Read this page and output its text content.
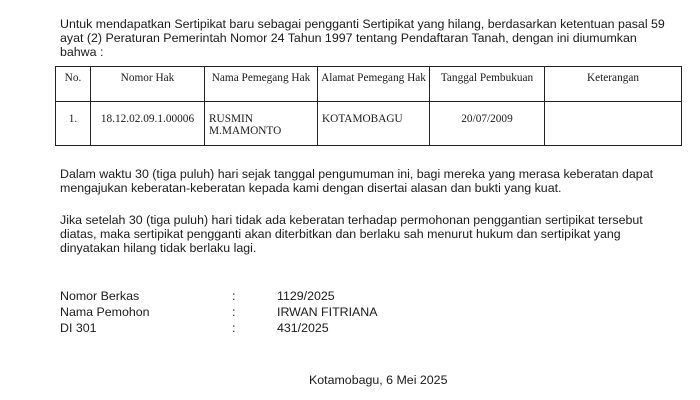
Untuk mendapatkan Sertipikat baru sebagai pengganti Sertipikat yang hilang, berdasarkan ketentuan pasal 59 ayat (2) Peraturan Pemerintah Nomor 24 Tahun 1997 tentang Pendaftaran Tanah, dengan ini diumumkan bahwa :

No.	Nomor Hak	Nama Pemegang Hak	Alamat Pemegang Hak	Tanggal Pembukuan	Keterangan
1.	18.12.02.09.1.00006	RUSMIN M.MAMONTO	KOTAMOBAGU	20/07/2009	

Dalam waktu 30 (tiga puluh) hari sejak tanggal pengumuman ini, bagi mereka yang merasa keberatan dapat mengajukan keberatan-keberatan kepada kami dengan disertai alasan dan bukti yang kuat.

Jika setelah 30 (tiga puluh) hari tidak ada keberatan terhadap permohonan penggantian sertipikat tersebut diatas, maka sertipikat pengganti akan diterbitkan dan berlaku sah menurut hukum dan sertipikat yang dinyatakan hilang tidak berlaku lagi.

Nomor Berkas	:	1129/2025
Nama Pemohon	:	IRWAN FITRIANA
DI 301	:	431/2025
Kotamobagu, 6 Mei 2025
